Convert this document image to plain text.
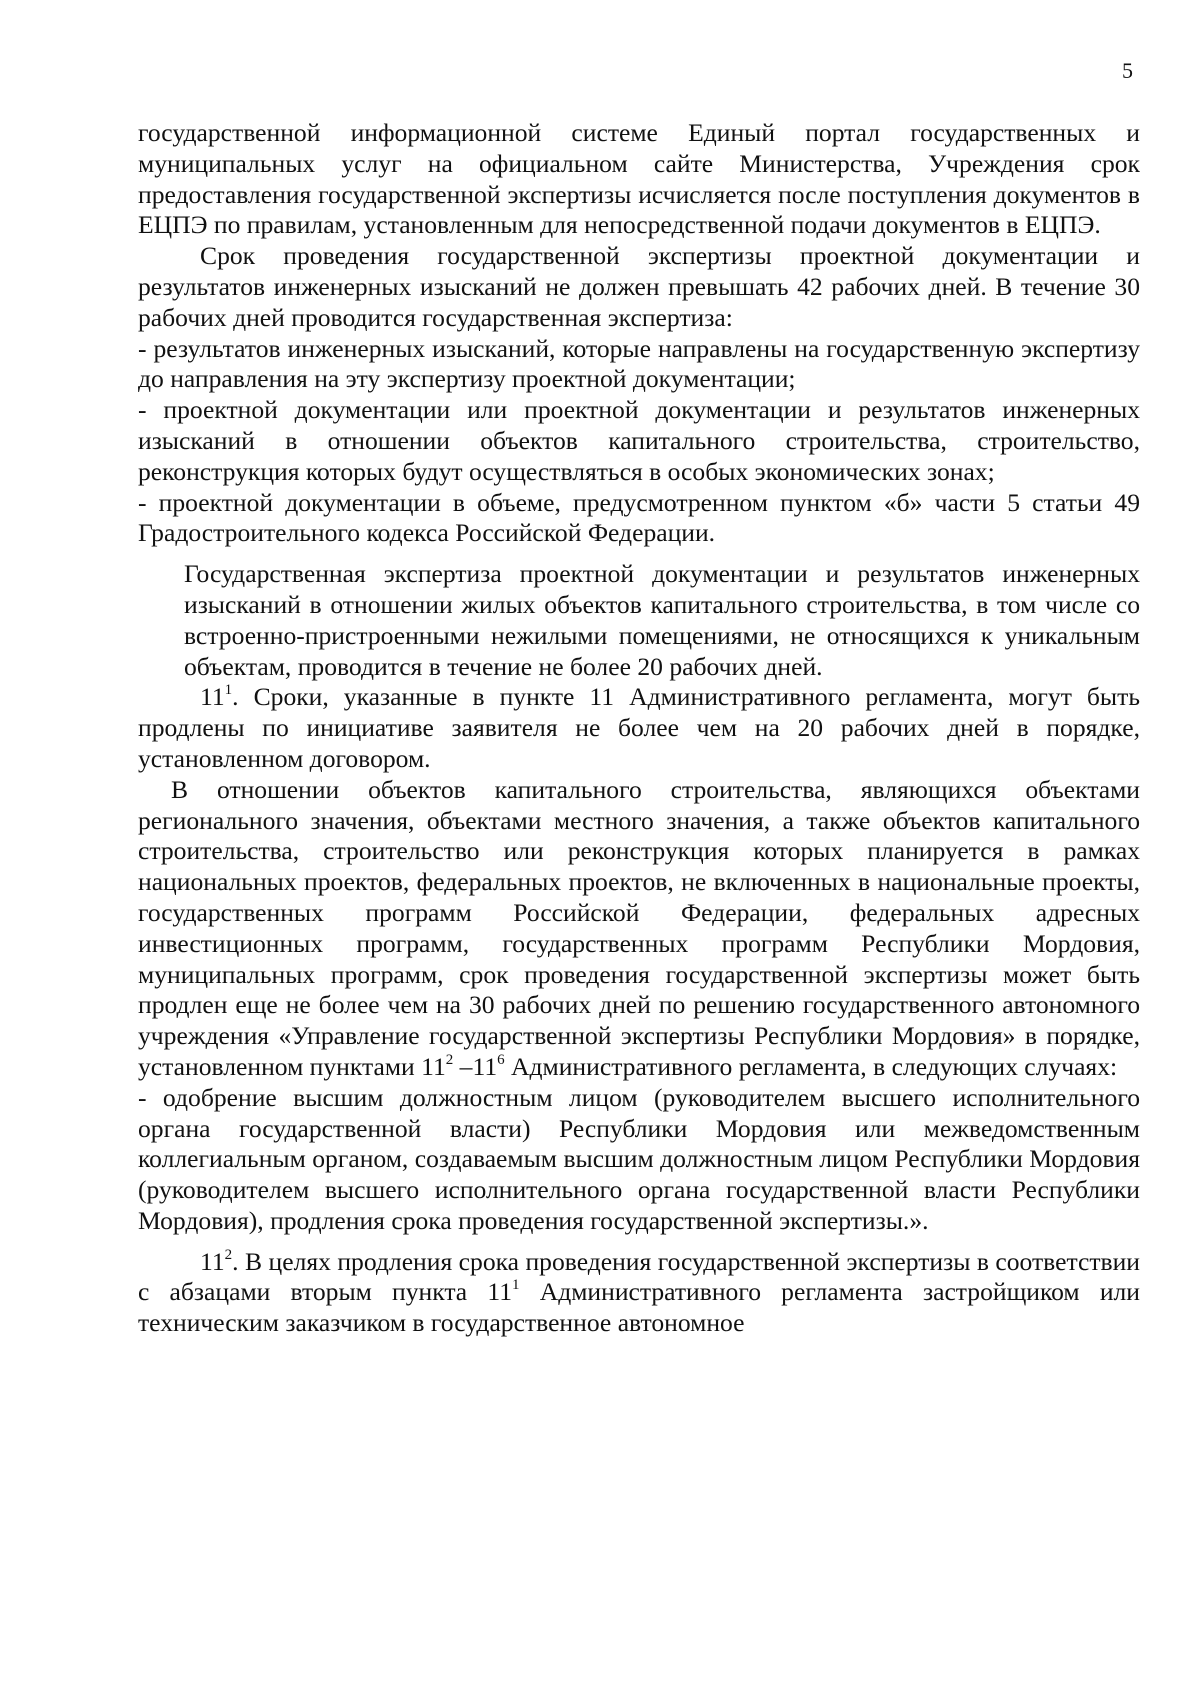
5

государственной информационной системе Единый портал государственных и муниципальных услуг на официальном сайте Министерства, Учреждения срок предоставления государственной экспертизы исчисляется после поступления документов в ЕЦПЭ по правилам, установленным для непосредственной подачи документов в ЕЦПЭ.

Срок проведения государственной экспертизы проектной документации и результатов инженерных изысканий не должен превышать 42 рабочих дней. В течение 30 рабочих дней проводится государственная экспертиза:

- результатов инженерных изысканий, которые направлены на государственную экспертизу до направления на эту экспертизу проектной документации;

- проектной документации или проектной документации и результатов инженерных изысканий в отношении объектов капитального строительства, строительство, реконструкция которых будут осуществляться в особых экономических зонах;

- проектной документации в объеме, предусмотренном пунктом «б» части 5 статьи 49 Градостроительного кодекса Российской Федерации.

Государственная экспертиза проектной документации и результатов инженерных изысканий в отношении жилых объектов капитального строительства, в том числе со встроенно-пристроенными нежилыми помещениями, не относящихся к уникальным объектам, проводится в течение не более 20 рабочих дней.

$11^1$. Сроки, указанные в пункте 11 Административного регламента, могут быть продлены по инициативе заявителя не более чем на 20 рабочих дней в порядке, установленном договором.

В отношении объектов капитального строительства, являющихся объектами регионального значения, объектами местного значения, а также объектов капитального строительства, строительство или реконструкция которых планируется в рамках национальных проектов, федеральных проектов, не включенных в национальные проекты, государственных программ Российской Федерации, федеральных адресных инвестиционных программ, государственных программ Республики Мордовия, муниципальных программ, срок проведения государственной экспертизы может быть продлен еще не более чем на 30 рабочих дней по решению государственного автономного учреждения «Управление государственной экспертизы Республики Мордовия» в порядке, установленном пунктами $11^2$ $-11^6$ Административного регламента, в следующих случаях:

- одобрение высшим должностным лицом (руководителем высшего исполнительного органа государственной власти) Республики Мордовия или межведомственным коллегиальным органом, создаваемым высшим должностным лицом Республики Мордовия (руководителем высшего исполнительного органа государственной власти Республики Мордовия), продления срока проведения государственной экспертизы.».

$11^2$. В целях продления срока проведения государственной экспертизы в соответствии с абзацами вторым пункта $11^1$ Административного регламента застройщиком или техническим заказчиком в государственное автономное
